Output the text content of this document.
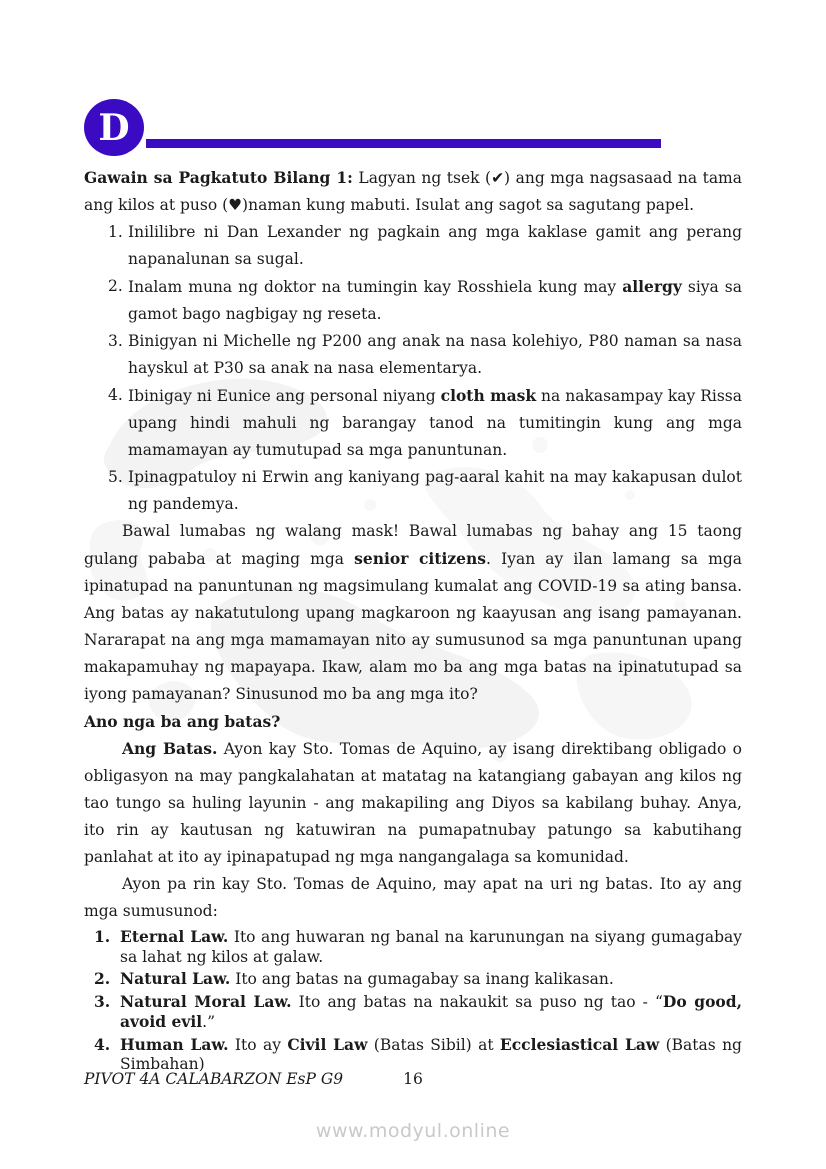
D

Gawain sa Pagkatuto Bilang 1: Lagyan ng tsek (✔) ang mga nagsasaad na tama ang kilos at puso (♥)naman kung mabuti. Isulat ang sagot sa sagutang papel.

1. Inililibre ni Dan Lexander ng pagkain ang mga kaklase gamit ang perang napanalunan sa sugal.
2. Inalam muna ng doktor na tumingin kay Rosshiela kung may allergy siya sa gamot bago nagbigay ng reseta.
3. Binigyan ni Michelle ng P200 ang anak na nasa kolehiyo, P80 naman sa nasa hayskul at P30 sa anak na nasa elementarya.
4. Ibinigay ni Eunice ang personal niyang cloth mask na nakasampay kay Rissa upang hindi mahuli ng barangay tanod na tumitingin kung ang mga mamamayan ay tumutupad sa mga panuntunan.
5. Ipinagpatuloy ni Erwin ang kaniyang pag-aaral kahit na may kakapusan dulot ng pandemya.

Bawal lumabas ng walang mask! Bawal lumabas ng bahay ang 15 taong gulang pababa at maging mga senior citizens. Iyan ay ilan lamang sa mga ipinatupad na panuntunan ng magsimulang kumalat ang COVID-19 sa ating bansa. Ang batas ay nakatutulong upang magkaroon ng kaayusan ang isang pamayanan. Nararapat na ang mga mamamayan nito ay sumusunod sa mga panuntunan upang makapamuhay ng mapayapa. Ikaw, alam mo ba ang mga batas na ipinatutupad sa iyong pamayanan? Sinusunod mo ba ang mga ito?

Ano nga ba ang batas?

Ang Batas. Ayon kay Sto. Tomas de Aquino, ay isang direktibang obligado o obligasyon na may pangkalahatan at matatag na katangiang gabayan ang kilos ng tao tungo sa huling layunin - ang makapiling ang Diyos sa kabilang buhay. Anya, ito rin ay kautusan ng katuwiran na pumapatnubay patungo sa kabutihang panlahat at ito ay ipinapatupad ng mga nangangalaga sa komunidad.

Ayon pa rin kay Sto. Tomas de Aquino, may apat na uri ng batas. Ito ay ang mga sumusunod:

1. Eternal Law. Ito ang huwaran ng banal na karunungan na siyang gumagabay sa lahat ng kilos at galaw.
2. Natural Law. Ito ang batas na gumagabay sa inang kalikasan.
3. Natural Moral Law. Ito ang batas na nakaukit sa puso ng tao - “Do good, avoid evil.”
4. Human Law. Ito ay Civil Law (Batas Sibil) at Ecclesiastical Law (Batas ng Simbahan)
PIVOT 4A CALABARZON EsP G9	16
www.modyul.online
